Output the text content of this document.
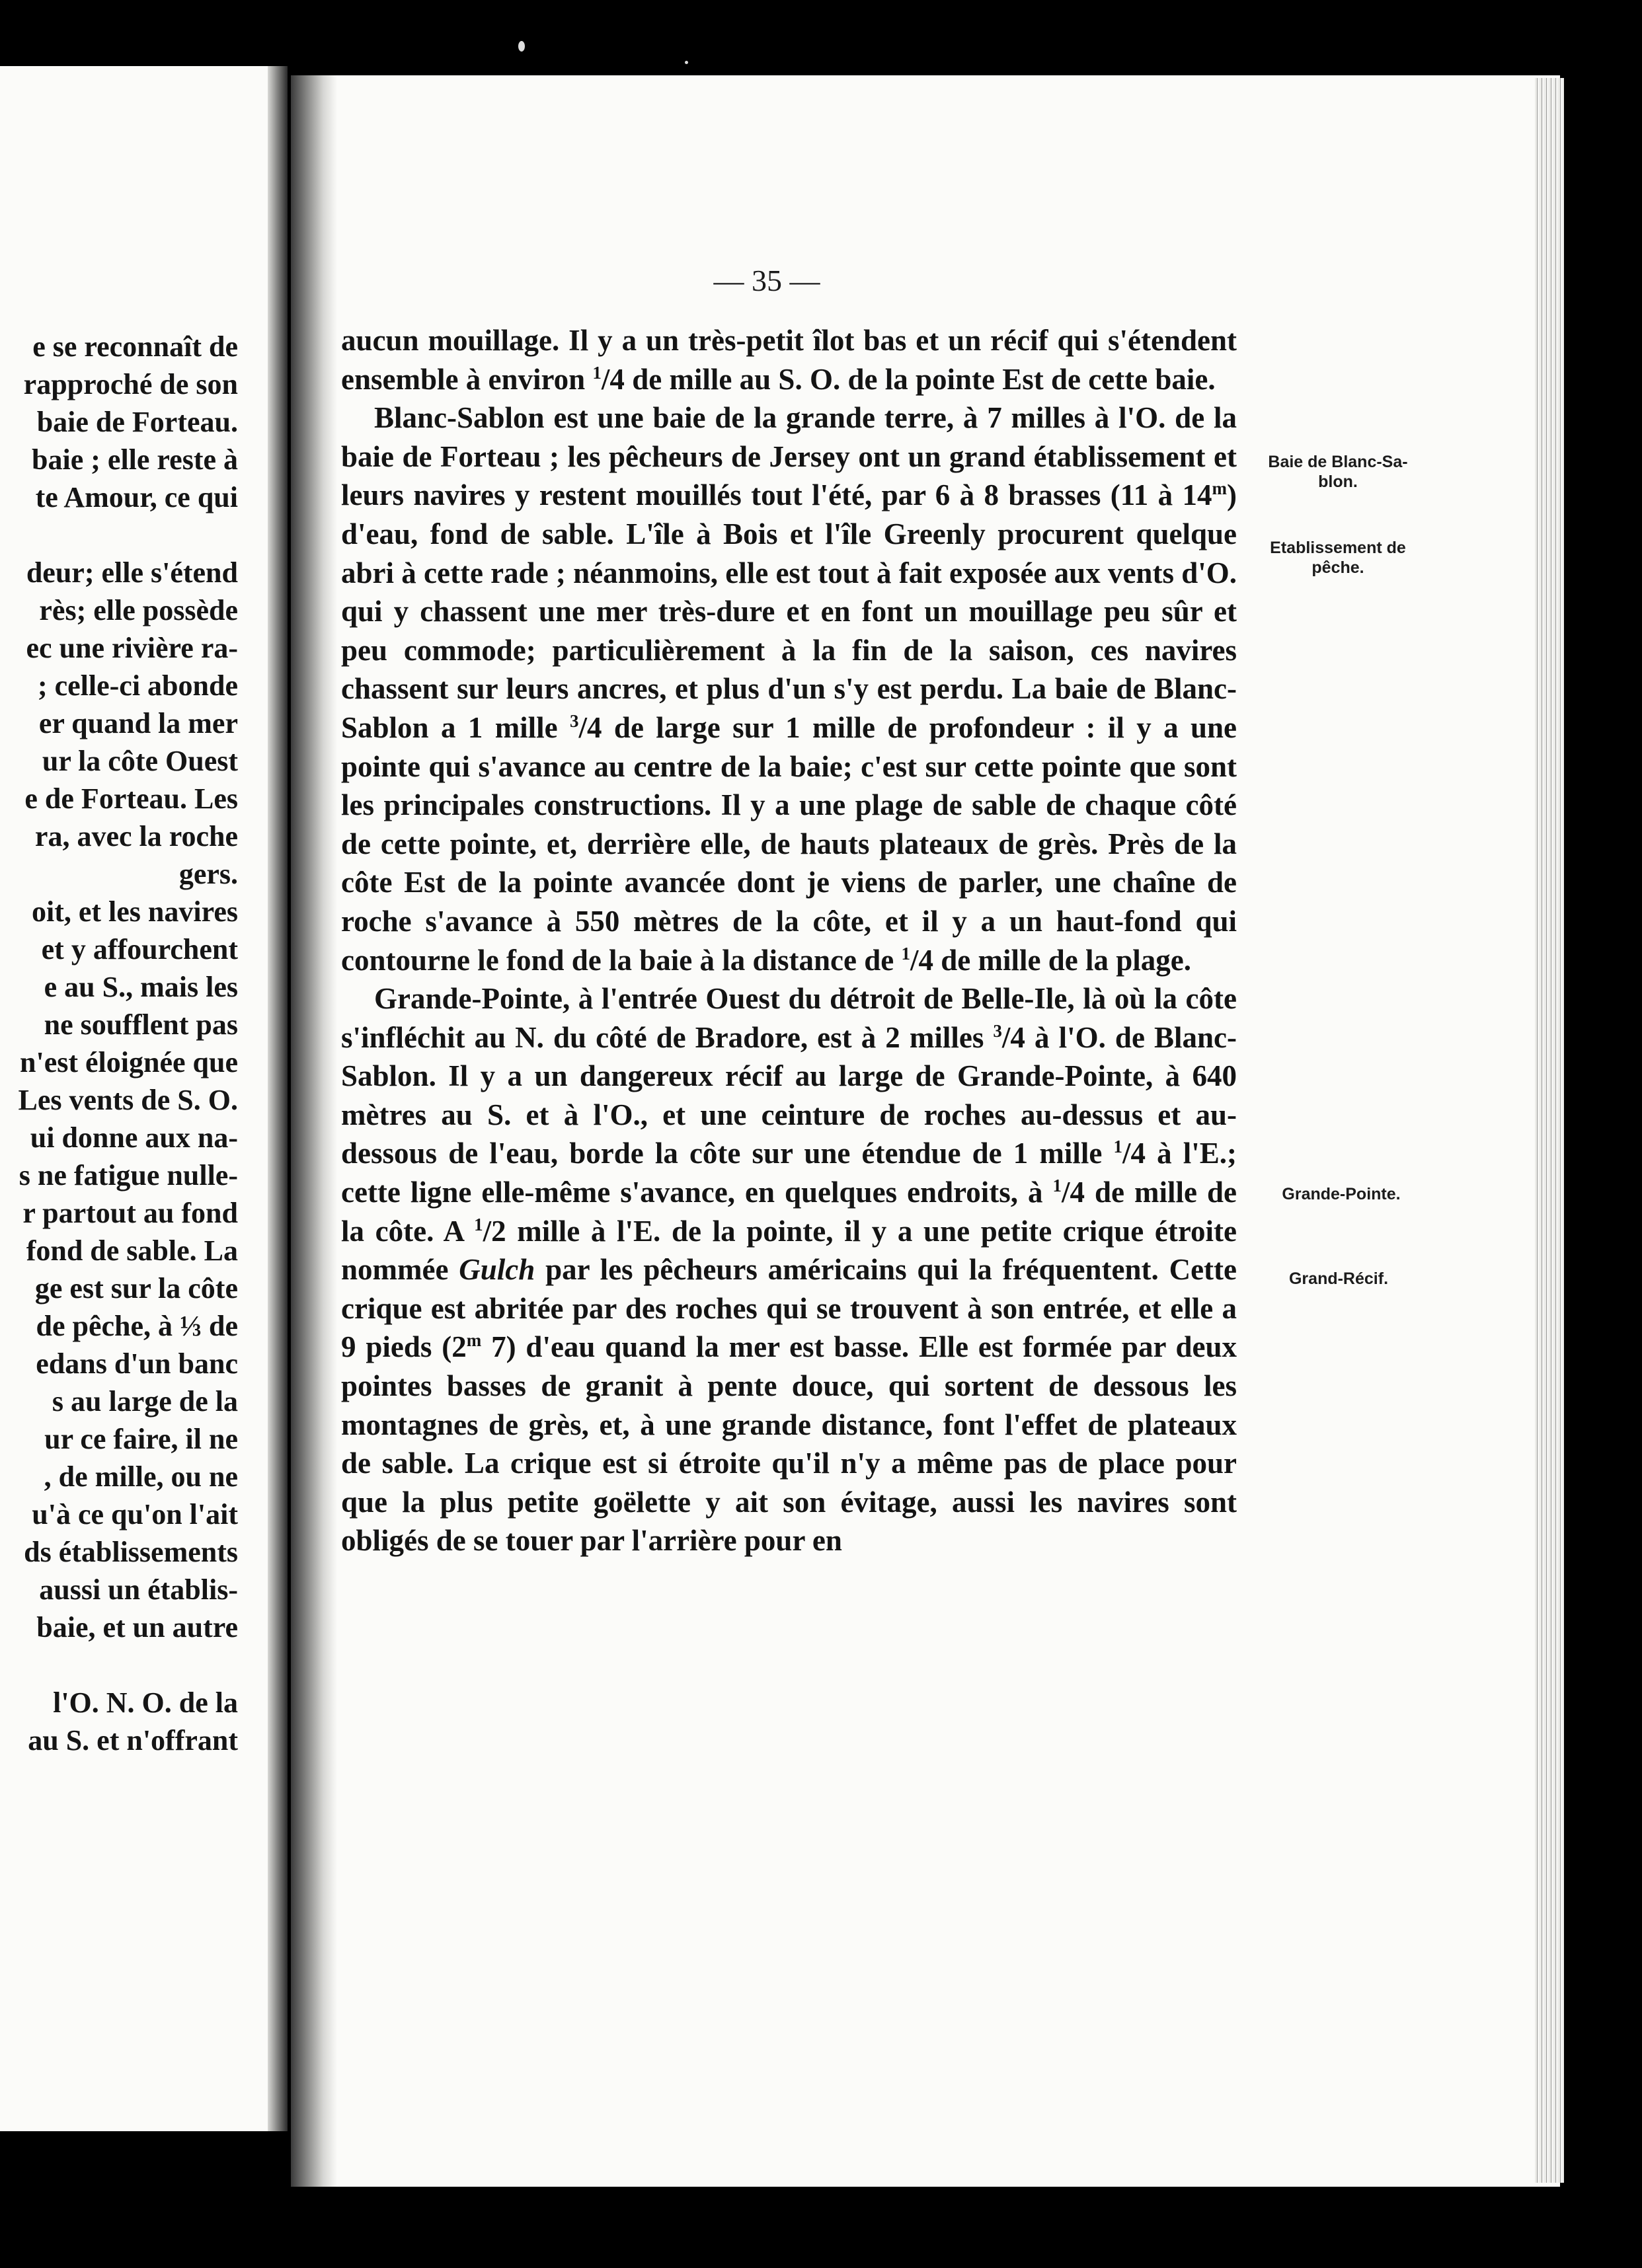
e se reconnaît de
rapproché de son
baie de Forteau.
baie ; elle reste à
te Amour, ce qui
deur; elle s'étend
rès; elle possède
ec une rivière ra-
; celle-ci abonde
er quand la mer
ur la côte Ouest
e de Forteau. Les
ra, avec la roche
gers.
oit, et les navires
et y affourchent
e au S., mais les
ne soufflent pas
n'est éloignée que
Les vents de S. O.
ui donne aux na-
s ne fatigue nulle-
r partout au fond
fond de sable. La
ge est sur la côte
de pêche, à ⅓ de
edans d'un banc
s au large de la
ur ce faire, il ne
, de mille, ou ne
u'à ce qu'on l'ait
ds établissements
aussi un établis-
baie, et un autre
l'O. N. O. de la
au S. et n'offrant
— 35 —

aucun mouillage. Il y a un très-petit îlot bas et un récif qui s'étendent ensemble à environ $^1$/4 de mille au S. O. de la pointe Est de cette baie.

Blanc-Sablon est une baie de la grande terre, à 7 milles à l'O. de la baie de Forteau ; les pêcheurs de Jersey ont un grand établissement et leurs navires y restent mouillés tout l'été, par 6 à 8 brasses (11 à 14$^m$) d'eau, fond de sable. L'île à Bois et l'île Greenly procurent quelque abri à cette rade ; néanmoins, elle est tout à fait exposée aux vents d'O. qui y chassent une mer très-dure et en font un mouillage peu sûr et peu commode; particulièrement à la fin de la saison, ces navires chassent sur leurs ancres, et plus d'un s'y est perdu. La baie de Blanc-Sablon a 1 mille $^3$/4 de large sur 1 mille de profondeur : il y a une pointe qui s'avance au centre de la baie; c'est sur cette pointe que sont les principales constructions. Il y a une plage de sable de chaque côté de cette pointe, et, derrière elle, de hauts plateaux de grès. Près de la côte Est de la pointe avancée dont je viens de parler, une chaîne de roche s'avance à 550 mètres de la côte, et il y a un haut-fond qui contourne le fond de la baie à la distance de $^1$/4 de mille de la plage.

Grande-Pointe, à l'entrée Ouest du détroit de Belle-Ile, là où la côte s'infléchit au N. du côté de Bradore, est à 2 milles $^3$/4 à l'O. de Blanc-Sablon. Il y a un dangereux récif au large de Grande-Pointe, à 640 mètres au S. et à l'O., et une ceinture de roches au-dessus et au-dessous de l'eau, borde la côte sur une étendue de 1 mille $^1$/4 à l'E.; cette ligne elle-même s'avance, en quelques endroits, à $^1$/4 de mille de la côte. A $^1$/2 mille à l'E. de la pointe, il y a une petite crique étroite nommée Gulch par les pêcheurs américains qui la fréquentent. Cette crique est abritée par des roches qui se trouvent à son entrée, et elle a 9 pieds (2$^m$ 7) d'eau quand la mer est basse. Elle est formée par deux pointes basses de granit à pente douce, qui sortent de dessous les montagnes de grès, et, à une grande distance, font l'effet de plateaux de sable. La crique est si étroite qu'il n'y a même pas de place pour que la plus petite goëlette y ait son évitage, aussi les navires sont obligés de se touer par l'arrière pour en

Baie de Blanc-Sa-
blon.
Etablissement de
pêche.
Grande-Pointe.
Grand-Récif.
